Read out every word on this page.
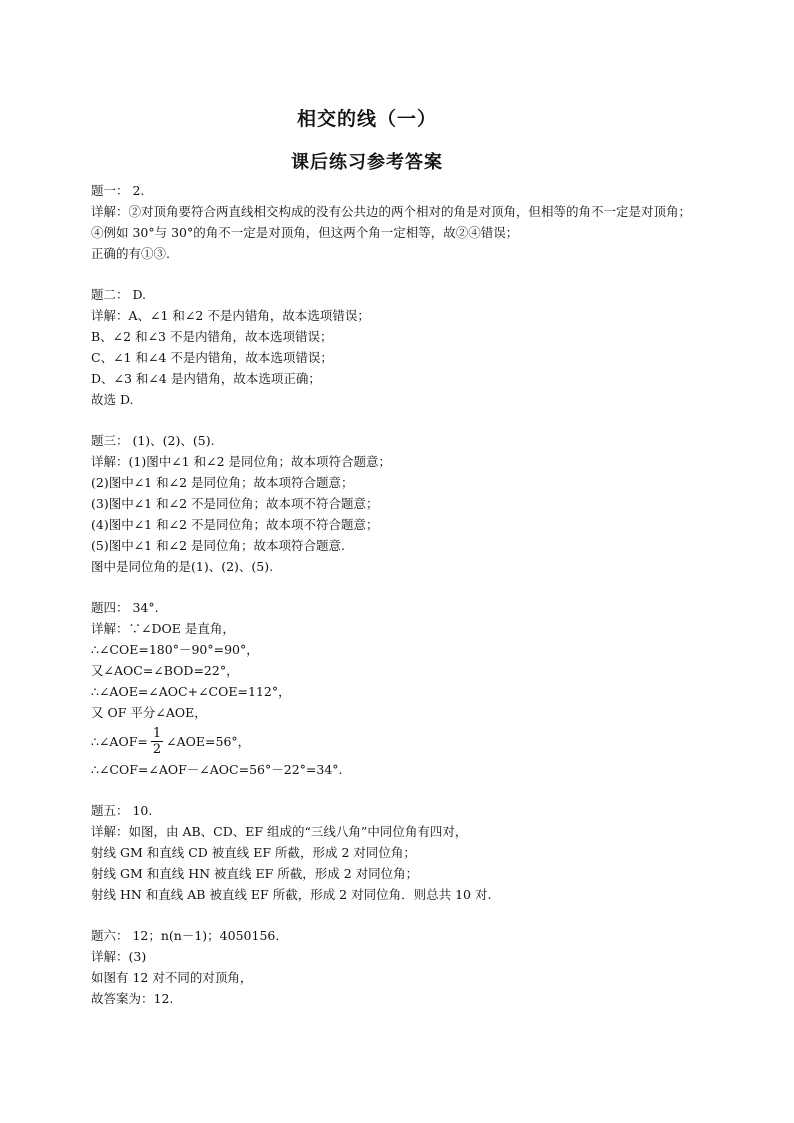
相交的线（一）
课后练习参考答案
题一： 2.
详解：②对顶角要符合两直线相交构成的没有公共边的两个相对的角是对顶角，但相等的角不一定是对顶角；
④例如 30°与 30°的角不一定是对顶角，但这两个角一定相等，故②④错误；
正确的有①③.
题二： D.
详解：A、∠1 和∠2 不是内错角，故本选项错误；
B、∠2 和∠3 不是内错角，故本选项错误；
C、∠1 和∠4 不是内错角，故本选项错误；
D、∠3 和∠4 是内错角，故本选项正确；
故选 D.
题三： (1)、(2)、(5).
详解：(1)图中∠1 和∠2 是同位角；故本项符合题意；
(2)图中∠1 和∠2 是同位角；故本项符合题意；
(3)图中∠1 和∠2 不是同位角；故本项不符合题意；
(4)图中∠1 和∠2 不是同位角；故本项不符合题意；
(5)图中∠1 和∠2 是同位角；故本项符合题意.
图中是同位角的是(1)、(2)、(5).
题四： 34°.
详解：∵∠DOE 是直角，
∴∠COE=180°－90°=90°，
又∠AOC=∠BOD=22°，
∴∠AOE=∠AOC+∠COE=112°，
又 OF 平分∠AOE，
∴∠AOF= $\frac{1}{2}$ ∠AOE=56°，
∴∠COF=∠AOF－∠AOC=56°－22°=34°.
题五： 10.
详解：如图，由 AB、CD、EF 组成的“三线八角”中同位角有四对，
射线 GM 和直线 CD 被直线 EF 所截，形成 2 对同位角；
射线 GM 和直线 HN 被直线 EF 所截，形成 2 对同位角；
射线 HN 和直线 AB 被直线 EF 所截，形成 2 对同位角．则总共 10 对.
题六： 12；n(n－1)；4050156.
详解：(3)
如图有 12 对不同的对顶角，
故答案为：12.
